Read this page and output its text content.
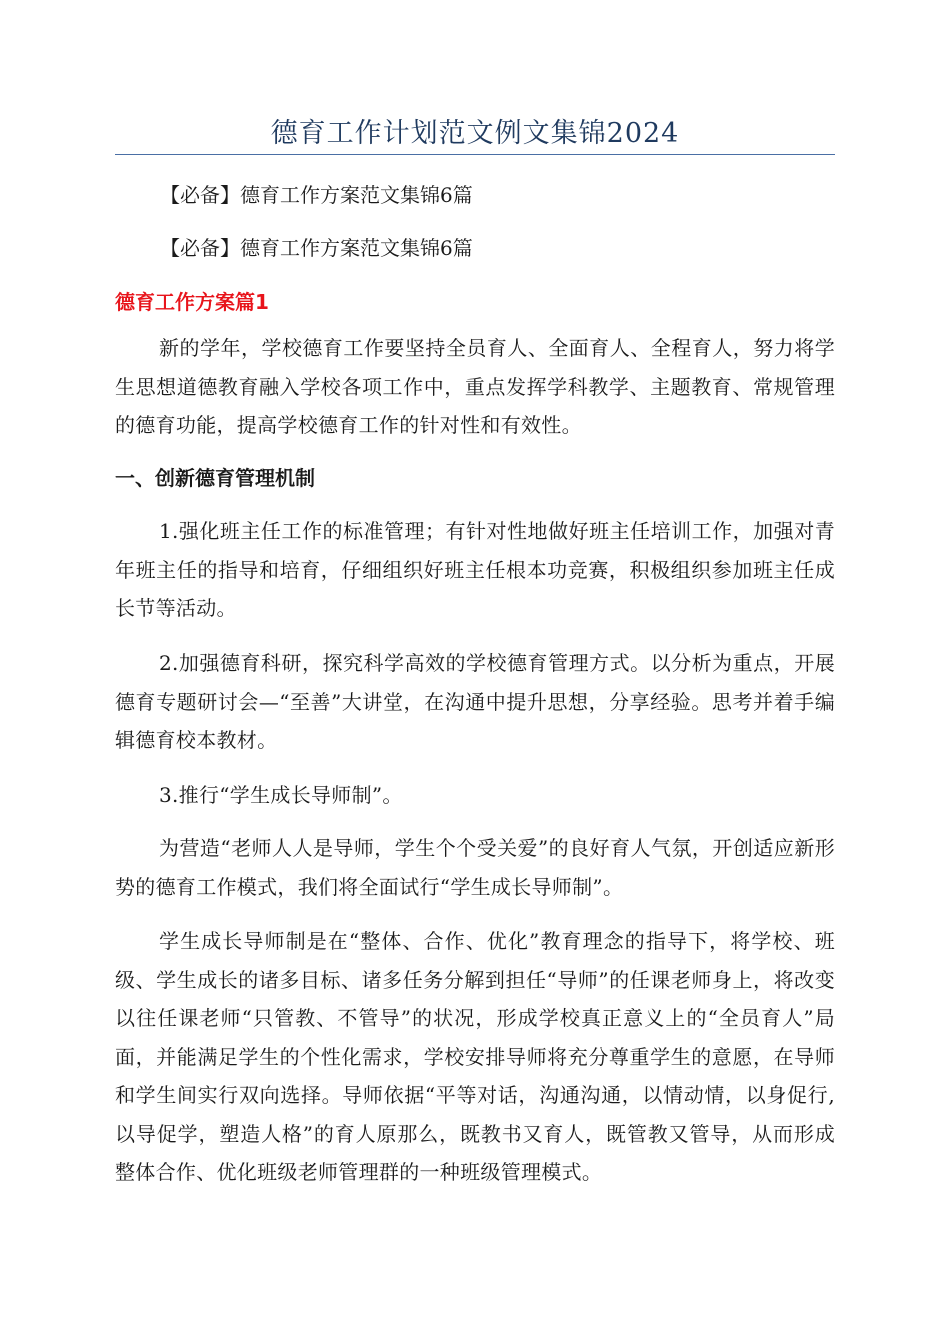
德育工作计划范文例文集锦2024
【必备】德育工作方案范文集锦6篇
【必备】德育工作方案范文集锦6篇
德育工作方案篇1
新的学年，学校德育工作要坚持全员育人、全面育人、全程育人，努力将学生思想道德教育融入学校各项工作中，重点发挥学科教学、主题教育、常规管理的德育功能，提高学校德育工作的针对性和有效性。
一、创新德育管理机制
1.强化班主任工作的标准管理；有针对性地做好班主任培训工作，加强对青年班主任的指导和培育，仔细组织好班主任根本功竞赛，积极组织参加班主任成长节等活动。
2.加强德育科研，探究科学高效的学校德育管理方式。以分析为重点，开展德育专题研讨会—“至善”大讲堂，在沟通中提升思想，分享经验。思考并着手编辑德育校本教材。
3.推行“学生成长导师制”。
为营造“老师人人是导师，学生个个受关爱”的良好育人气氛，开创适应新形势的德育工作模式，我们将全面试行“学生成长导师制”。
学生成长导师制是在“整体、合作、优化”教育理念的指导下，将学校、班级、学生成长的诸多目标、诸多任务分解到担任“导师”的任课老师身上，将改变以往任课老师“只管教、不管导”的状况，形成学校真正意义上的“全员育人”局面，并能满足学生的个性化需求，学校安排导师将充分尊重学生的意愿，在导师和学生间实行双向选择。导师依据“平等对话，沟通沟通，以情动情，以身促行,以导促学，塑造人格”的育人原那么，既教书又育人，既管教又管导，从而形成整体合作、优化班级老师管理群的一种班级管理模式。
